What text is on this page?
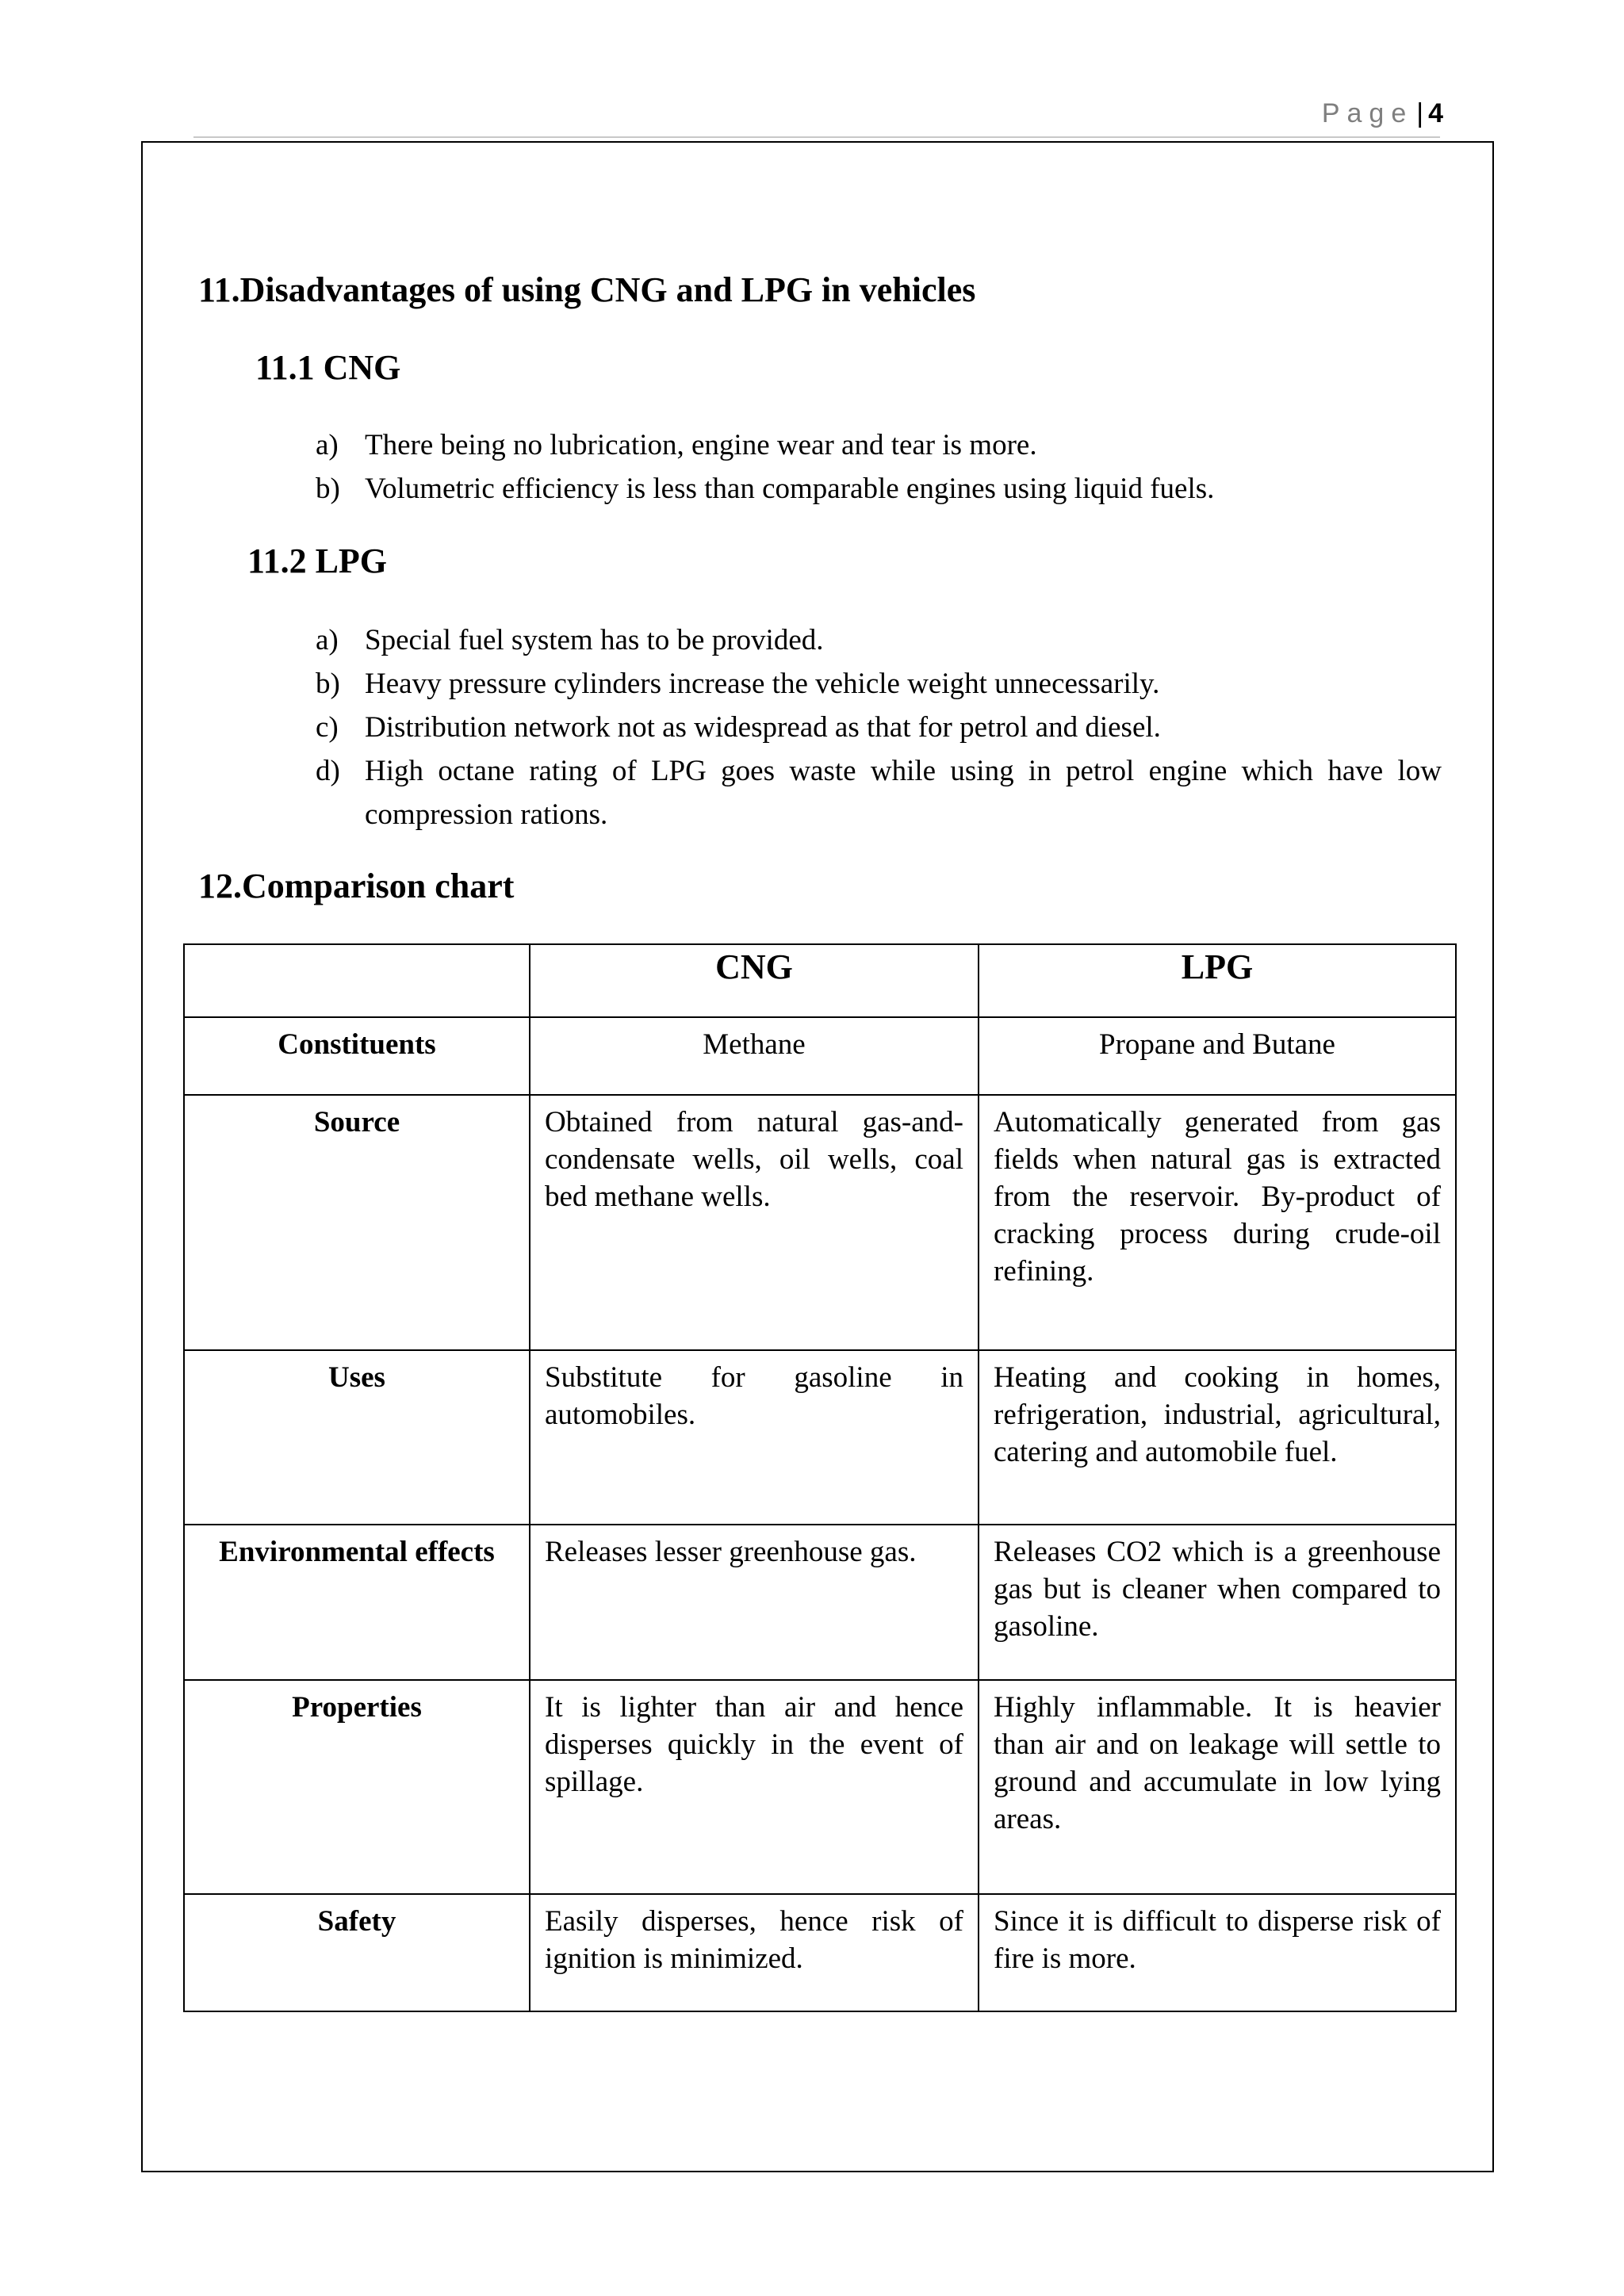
Page | 4
11.Disadvantages of using CNG and LPG in vehicles
11.1 CNG
a) There being no lubrication, engine wear and tear is more.
b) Volumetric efficiency is less than comparable engines using liquid fuels.
11.2 LPG
a) Special fuel system has to be provided.
b) Heavy pressure cylinders increase the vehicle weight unnecessarily.
c) Distribution network not as widespread as that for petrol and diesel.
d) High octane rating of LPG goes waste while using in petrol engine which have low compression rations.
12.Comparison chart
	CNG	LPG
Constituents	Methane	Propane and Butane
Source	Obtained from natural gas-and-condensate wells, oil wells, coal bed methane wells.	Automatically generated from gas fields when natural gas is extracted from the reservoir. By-product of cracking process during crude-oil refining.
Uses	Substitute for gasoline in automobiles.	Heating and cooking in homes, refrigeration, industrial, agricultural, catering and automobile fuel.
Environmental effects	Releases lesser greenhouse gas.	Releases CO2 which is a greenhouse gas but is cleaner when compared to gasoline.
Properties	It is lighter than air and hence disperses quickly in the event of spillage.	Highly inflammable. It is heavier than air and on leakage will settle to ground and accumulate in low lying areas.
Safety	Easily disperses, hence risk of ignition is minimized.	Since it is difficult to disperse risk of fire is more.
